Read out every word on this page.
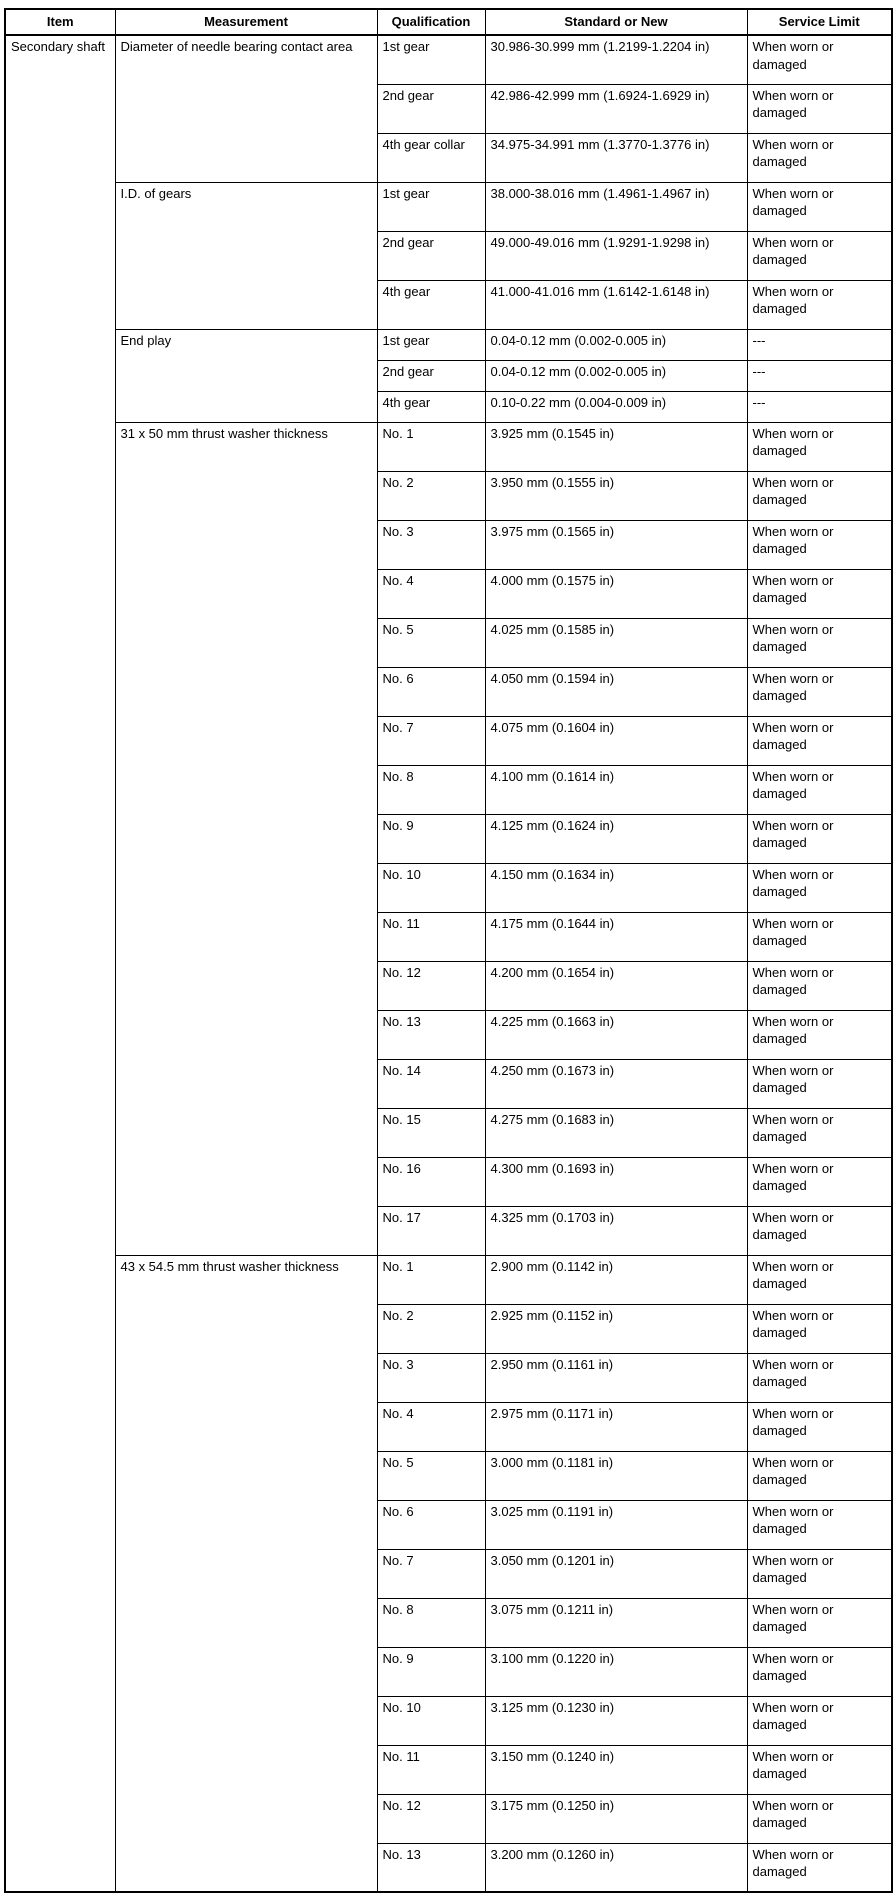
Item	Measurement	Qualification	Standard or New	Service Limit
Secondary shaft	Diameter of needle bearing contact area	1st gear	30.986-30.999 mm (1.2199-1.2204 in)	When worn or damaged
		2nd gear	42.986-42.999 mm (1.6924-1.6929 in)	When worn or damaged
		4th gear collar	34.975-34.991 mm (1.3770-1.3776 in)	When worn or damaged
	I.D. of gears	1st gear	38.000-38.016 mm (1.4961-1.4967 in)	When worn or damaged
		2nd gear	49.000-49.016 mm (1.9291-1.9298 in)	When worn or damaged
		4th gear	41.000-41.016 mm (1.6142-1.6148 in)	When worn or damaged
	End play	1st gear	0.04-0.12 mm (0.002-0.005 in)	---
		2nd gear	0.04-0.12 mm (0.002-0.005 in)	---
		4th gear	0.10-0.22 mm (0.004-0.009 in)	---
	31 x 50 mm thrust washer thickness	No. 1	3.925 mm (0.1545 in)	When worn or damaged
		No. 2	3.950 mm (0.1555 in)	When worn or damaged
		No. 3	3.975 mm (0.1565 in)	When worn or damaged
		No. 4	4.000 mm (0.1575 in)	When worn or damaged
		No. 5	4.025 mm (0.1585 in)	When worn or damaged
		No. 6	4.050 mm (0.1594 in)	When worn or damaged
		No. 7	4.075 mm (0.1604 in)	When worn or damaged
		No. 8	4.100 mm (0.1614 in)	When worn or damaged
		No. 9	4.125 mm (0.1624 in)	When worn or damaged
		No. 10	4.150 mm (0.1634 in)	When worn or damaged
		No. 11	4.175 mm (0.1644 in)	When worn or damaged
		No. 12	4.200 mm (0.1654 in)	When worn or damaged
		No. 13	4.225 mm (0.1663 in)	When worn or damaged
		No. 14	4.250 mm (0.1673 in)	When worn or damaged
		No. 15	4.275 mm (0.1683 in)	When worn or damaged
		No. 16	4.300 mm (0.1693 in)	When worn or damaged
		No. 17	4.325 mm (0.1703 in)	When worn or damaged
	43 x 54.5 mm thrust washer thickness	No. 1	2.900 mm (0.1142 in)	When worn or damaged
		No. 2	2.925 mm (0.1152 in)	When worn or damaged
		No. 3	2.950 mm (0.1161 in)	When worn or damaged
		No. 4	2.975 mm (0.1171 in)	When worn or damaged
		No. 5	3.000 mm (0.1181 in)	When worn or damaged
		No. 6	3.025 mm (0.1191 in)	When worn or damaged
		No. 7	3.050 mm (0.1201 in)	When worn or damaged
		No. 8	3.075 mm (0.1211 in)	When worn or damaged
		No. 9	3.100 mm (0.1220 in)	When worn or damaged
		No. 10	3.125 mm (0.1230 in)	When worn or damaged
		No. 11	3.150 mm (0.1240 in)	When worn or damaged
		No. 12	3.175 mm (0.1250 in)	When worn or damaged
		No. 13	3.200 mm (0.1260 in)	When worn or damaged
